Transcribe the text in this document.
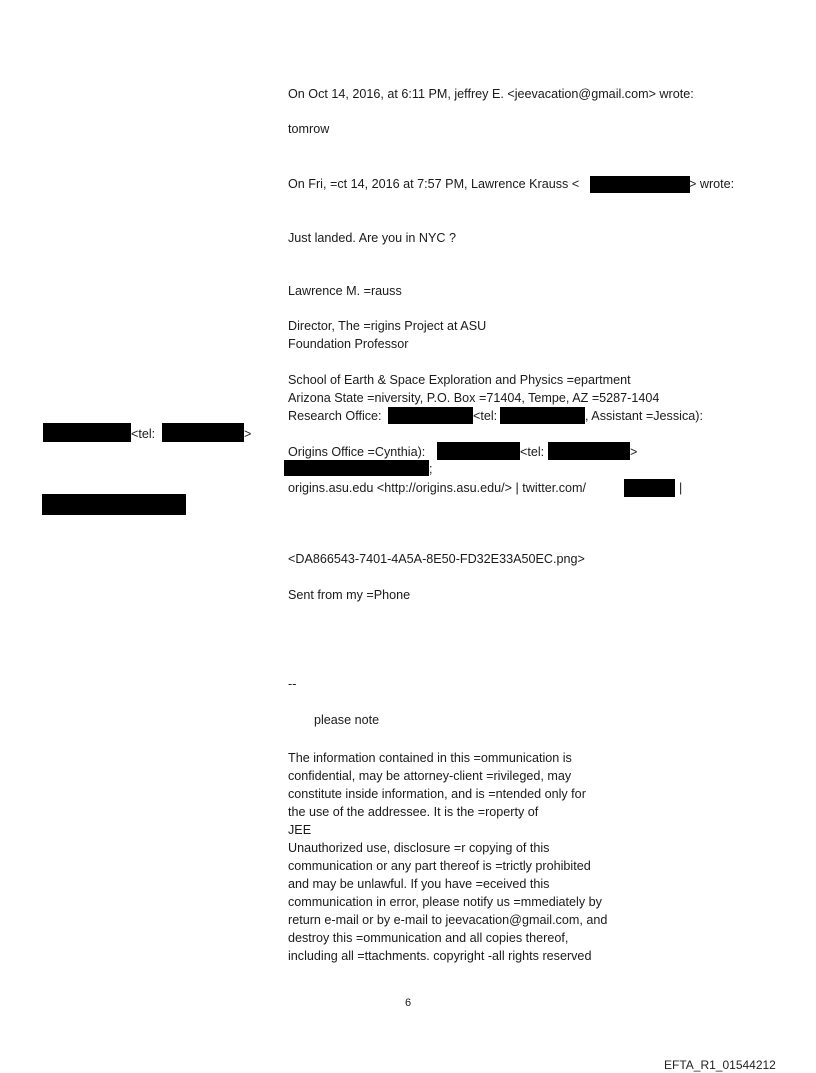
On Oct 14, 2016, at 6:11 PM, jeffrey E. <jeevacation@gmail.com> wrote:
tomrow
On Fri, =ct 14, 2016 at 7:57 PM, Lawrence Krauss <	> wrote:
Just landed. Are you in NYC ?
Lawrence M. =rauss
Director, The =rigins Project at ASU
Foundation Professor
School of Earth & Space Exploration and Physics =epartment
Arizona State =niversity, P.O. Box =71404, Tempe, AZ =5287-1404
Research Office:	<tel:	, Assistant =Jessica):
<tel:	>
Origins Office =Cynthia):	<tel:	>
;
origins.asu.edu <http://origins.asu.edu/> | twitter.com/	|
<DA866543-7401-4A5A-8E50-FD32E33A50EC.png>
Sent from my =Phone
--
please note
The information contained in this =ommunication is
confidential, may be attorney-client =rivileged, may
constitute inside information, and is =ntended only for
the use of the addressee. It is the =roperty of
JEE
Unauthorized use, disclosure =r copying of this
communication or any part thereof is =trictly prohibited
and may be unlawful. If you have =eceived this
communication in error, please notify us =mmediately by
return e-mail or by e-mail to jeevacation@gmail.com, and
destroy this =ommunication and all copies thereof,
including all =ttachments. copyright -all rights reserved
6
EFTA_R1_01544212
